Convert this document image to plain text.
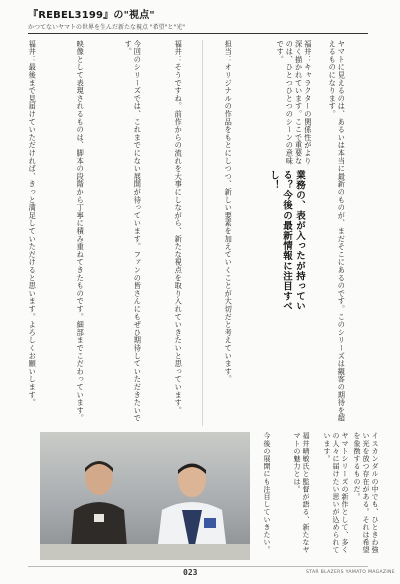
『REBEL3199』の"視点"
かつてないヤマトの世界を生んだ新たな視点 "希望"と"光"
ヤマトに見えるのは、あるいは本当に最新のものが、まだそこにあるのです。このシリーズは観客の期待を超えるものになります。
福井：キャラクターの関係性がより深く描かれています。ここで重要なのは、ひとつひとつのシーンの意味です。
担当：オリジナルの作品をもとにしつつ、新しい要素を加えていくことが大切だと考えています。
福井：そうですね。前作からの流れを大事にしながら、新たな視点を取り入れていきたいと思っています。
今回のシリーズでは、これまでにない展開が待っています。ファンの皆さんにもぜひ期待していただきたいです。
映像として表現されるものは、脚本の段階から丁寧に積み重ねてきたものです。細部までこだわっています。
福井：最後まで見届けていただければ、きっと満足していただけると思います。よろしくお願いします。	業務の、表が入ったが持っている？今後の最新情報に注目すべし！
イスカンダルの中でも、ひときわ強い光を放つ存在がある。それは希望を象徴するものだ。
ヤマトシリーズの新作として、多くの人々に届けたい思いが込められています。
福井晴敏氏と監督が語る、新たなヤマトの魅力とは。
今後の展開にも注目していきたい。
023	STAR BLAZERS YAMATO MAGAZINE
